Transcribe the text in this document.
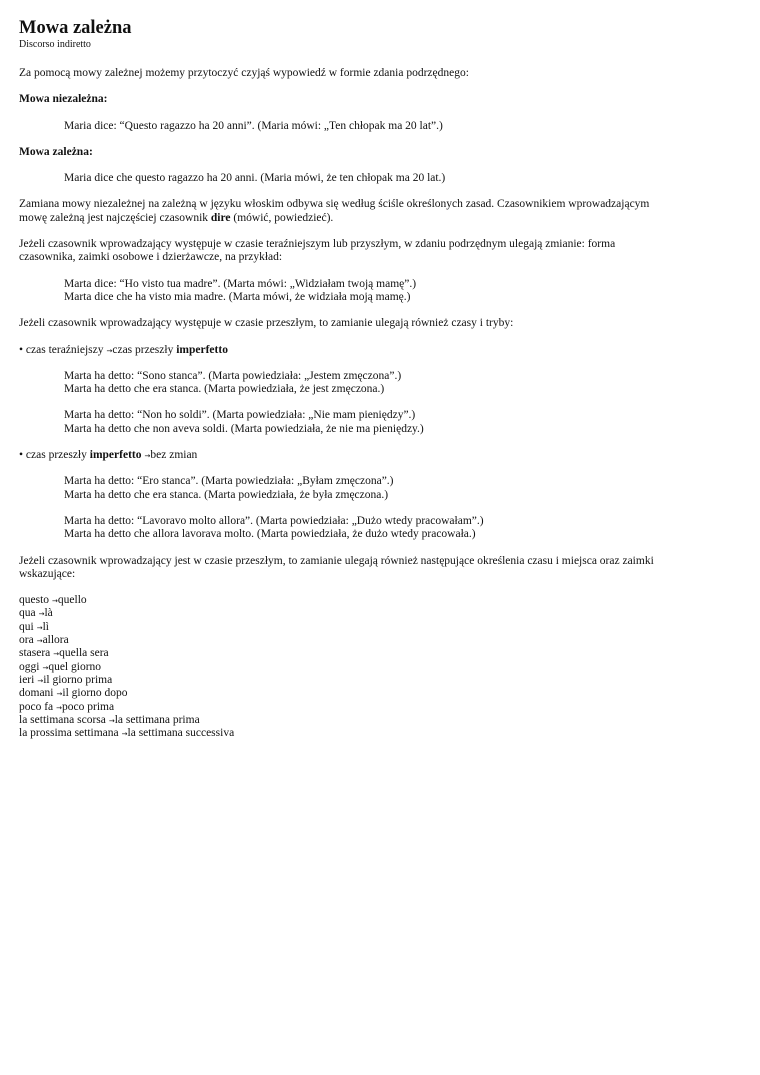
Mowa zależna
Discorso indiretto

Za pomocą mowy zależnej możemy przytoczyć czyjąś wypowiedź w formie zdania podrzędnego:

Mowa niezależna:

Maria dice: “Questo ragazzo ha 20 anni”. (Maria mówi: „Ten chłopak ma 20 lat”.)

Mowa zależna:

Maria dice che questo ragazzo ha 20 anni. (Maria mówi, że ten chłopak ma 20 lat.)

Zamiana mowy niezależnej na zależną w języku włoskim odbywa się według ściśle określonych zasad. Czasownikiem wprowadzającym mowę zależną jest najczęściej czasownik dire (mówić, powiedzieć).

Jeżeli czasownik wprowadzający występuje w czasie teraźniejszym lub przyszłym, w zdaniu podrzędnym ulegają zmianie: forma czasownika, zaimki osobowe i dzierżawcze, na przykład:

Marta dice: “Ho visto tua madre”. (Marta mówi: „Widziałam twoją mamę”.)
Marta dice che ha visto mia madre. (Marta mówi, że widziała moją mamę.)

Jeżeli czasownik wprowadzający występuje w czasie przeszłym, to zamianie ulegają również czasy i tryby:

• czas teraźniejszy →czas przeszły imperfetto

Marta ha detto: “Sono stanca”. (Marta powiedziała: „Jestem zmęczona”.)
Marta ha detto che era stanca. (Marta powiedziała, że jest zmęczona.)
Marta ha detto: “Non ho soldi”. (Marta powiedziała: „Nie mam pieniędzy”.)
Marta ha detto che non aveva soldi. (Marta powiedziała, że nie ma pieniędzy.)

• czas przeszły imperfetto →bez zmian

Marta ha detto: “Ero stanca”. (Marta powiedziała: „Byłam zmęczona”.)
Marta ha detto che era stanca. (Marta powiedziała, że była zmęczona.)
Marta ha detto: “Lavoravo molto allora”. (Marta powiedziała: „Dużo wtedy pracowałam”.)
Marta ha detto che allora lavorava molto. (Marta powiedziała, że dużo wtedy pracowała.)

Jeżeli czasownik wprowadzający jest w czasie przeszłym, to zamianie ulegają również następujące określenia czasu i miejsca oraz zaimki wskazujące:

questo →quello
qua →là
qui →lì
ora →allora
stasera →quella sera
oggi →quel giorno
ieri →il giorno prima
domani →il giorno dopo
poco fa →poco prima
la settimana scorsa →la settimana prima
la prossima settimana →la settimana successiva
